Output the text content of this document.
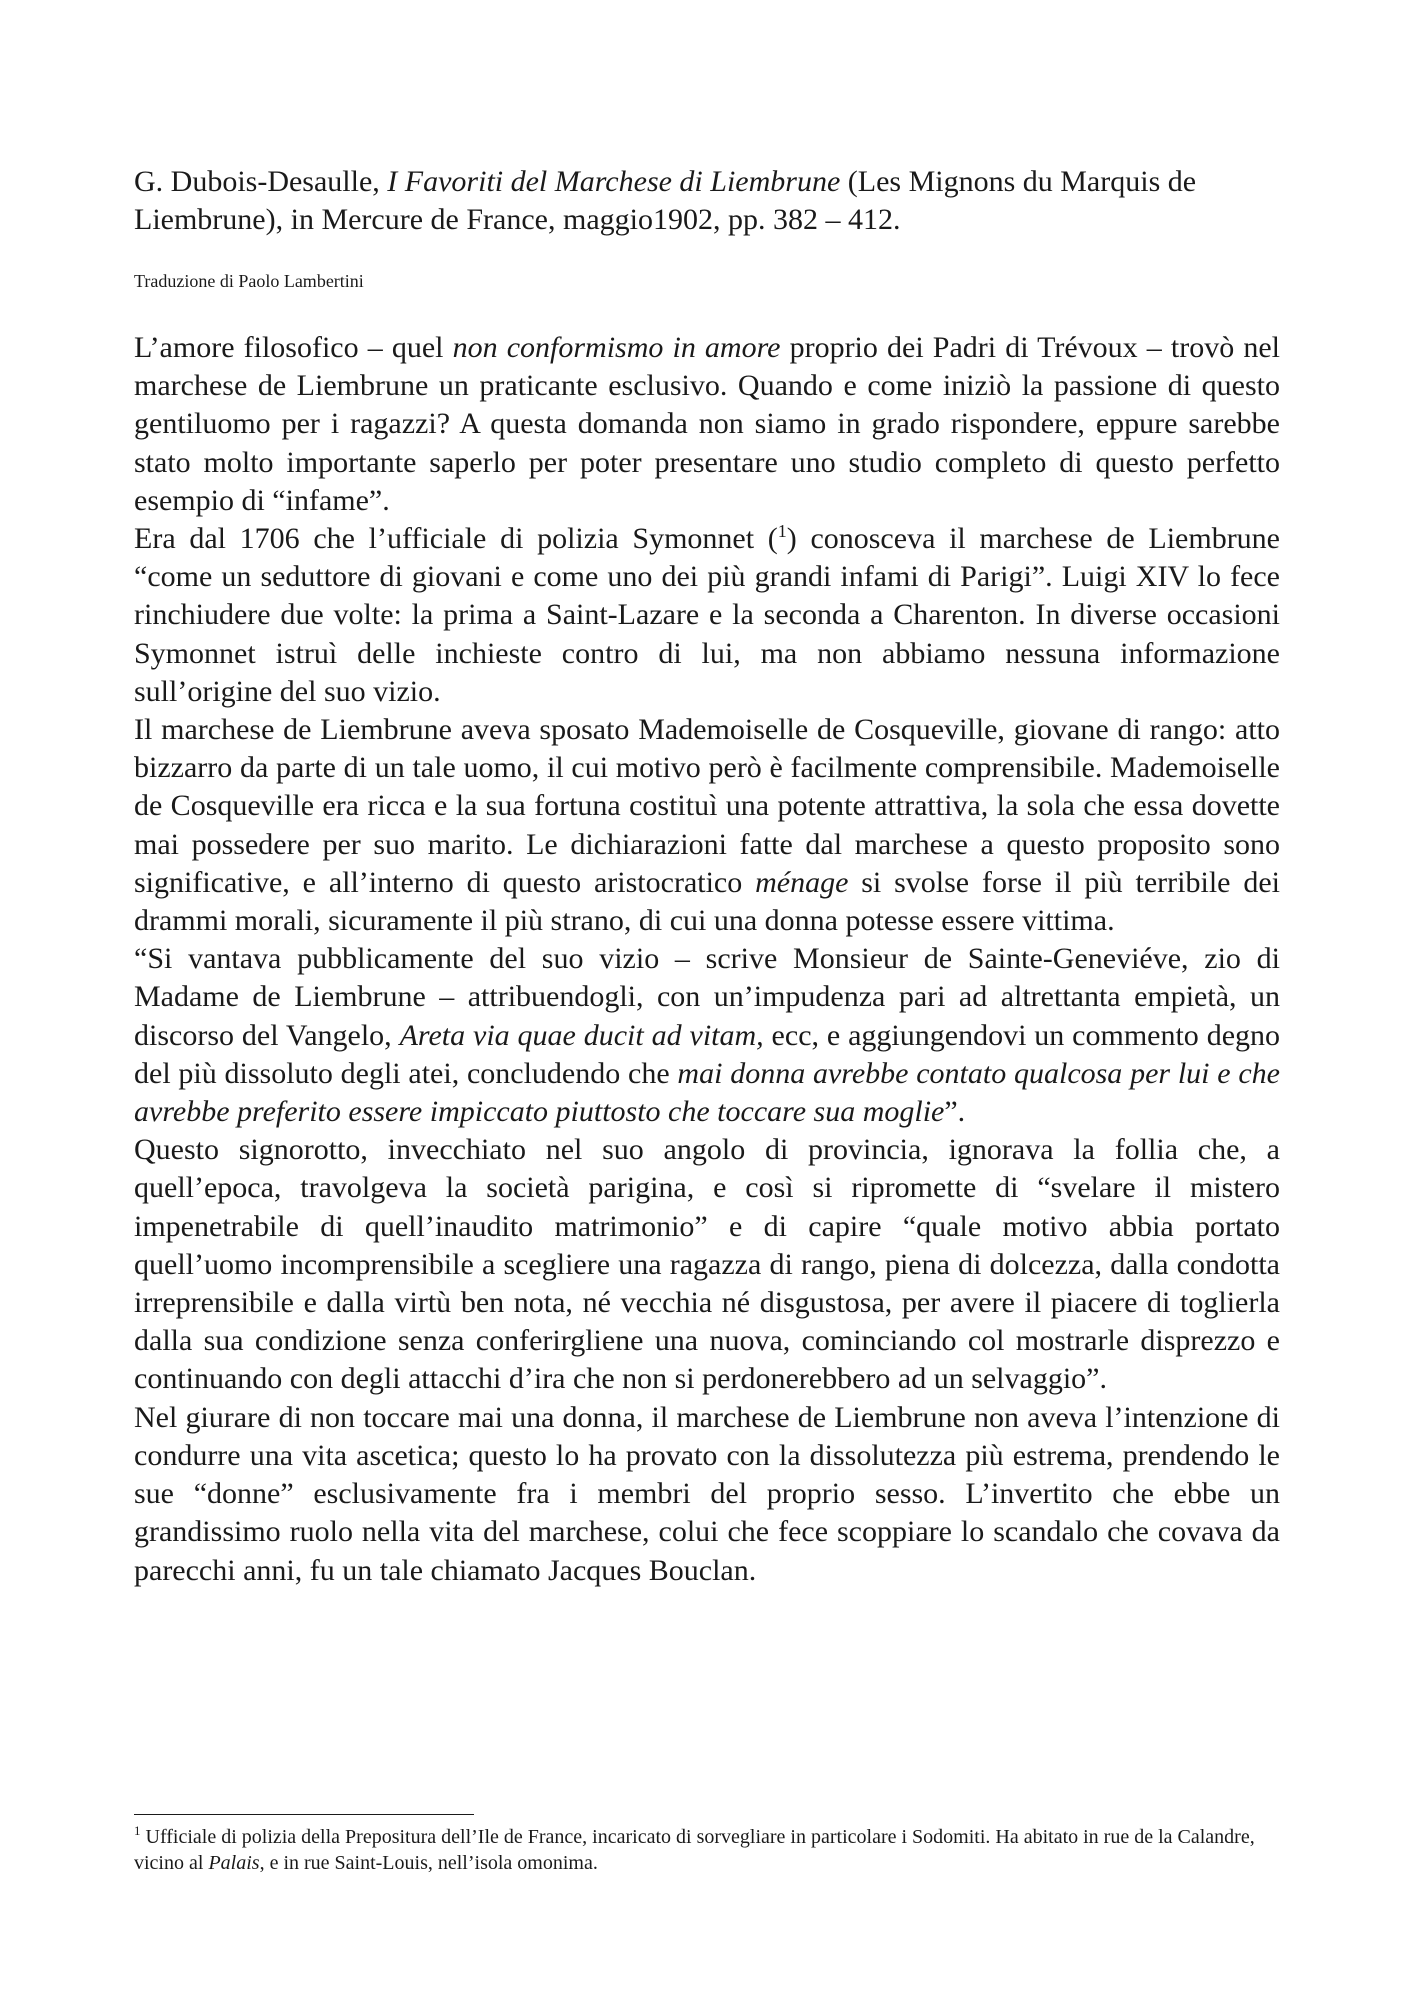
G. Dubois-Desaulle, I Favoriti del Marchese di Liembrune (Les Mignons du Marquis de Liembrune), in Mercure de France, maggio1902, pp. 382 – 412.

Traduzione di Paolo Lambertini

L’amore filosofico – quel non conformismo in amore proprio dei Padri di Trévoux – trovò nel marchese de Liembrune un praticante esclusivo. Quando e come iniziò la passione di questo gentiluomo per i ragazzi? A questa domanda non siamo in grado rispondere, eppure sarebbe stato molto importante saperlo per poter presentare uno studio completo di questo perfetto esempio di “infame”.

Era dal 1706 che l’ufficiale di polizia Symonnet ($^1$) conosceva il marchese de Liembrune “come un seduttore di giovani e come uno dei più grandi infami di Parigi”. Luigi XIV lo fece rinchiudere due volte: la prima a Saint-Lazare e la seconda a Charenton. In diverse occasioni Symonnet istruì delle inchieste contro di lui, ma non abbiamo nessuna informazione sull’origine del suo vizio.

Il marchese de Liembrune aveva sposato Mademoiselle de Cosqueville, giovane di rango: atto bizzarro da parte di un tale uomo, il cui motivo però è facilmente comprensibile. Mademoiselle de Cosqueville era ricca e la sua fortuna costituì una potente attrattiva, la sola che essa dovette mai possedere per suo marito. Le dichiarazioni fatte dal marchese a questo proposito sono significative, e all’interno di questo aristocratico ménage si svolse forse il più terribile dei drammi morali, sicuramente il più strano, di cui una donna potesse essere vittima.

“Si vantava pubblicamente del suo vizio – scrive Monsieur de Sainte-Geneviéve, zio di Madame de Liembrune – attribuendogli, con un’impudenza pari ad altrettanta empietà, un discorso del Vangelo, Areta via quae ducit ad vitam, ecc, e aggiungendovi un commento degno del più dissoluto degli atei, concludendo che mai donna avrebbe contato qualcosa per lui e che avrebbe preferito essere impiccato piuttosto che toccare sua moglie”.

Questo signorotto, invecchiato nel suo angolo di provincia, ignorava la follia che, a quell’epoca, travolgeva la società parigina, e così si ripromette di “svelare il mistero impenetrabile di quell’inaudito matrimonio” e di capire “quale motivo abbia portato quell’uomo incomprensibile a scegliere una ragazza di rango, piena di dolcezza, dalla condotta irreprensibile e dalla virtù ben nota, né vecchia né disgustosa, per avere il piacere di toglierla dalla sua condizione senza conferirgliene una nuova, cominciando col mostrarle disprezzo e continuando con degli attacchi d’ira che non si perdonerebbero ad un selvaggio”.

Nel giurare di non toccare mai una donna, il marchese de Liembrune non aveva l’intenzione di condurre una vita ascetica; questo lo ha provato con la dissolutezza più estrema, prendendo le sue “donne” esclusivamente fra i membri del proprio sesso. L’invertito che ebbe un grandissimo ruolo nella vita del marchese, colui che fece scoppiare lo scandalo che covava da parecchi anni, fu un tale chiamato Jacques Bouclan.

$^1$ Ufficiale di polizia della Prepositura dell’Ile de France, incaricato di sorvegliare in particolare i Sodomiti. Ha abitato in rue de la Calandre, vicino al Palais, e in rue Saint-Louis, nell’isola omonima.
